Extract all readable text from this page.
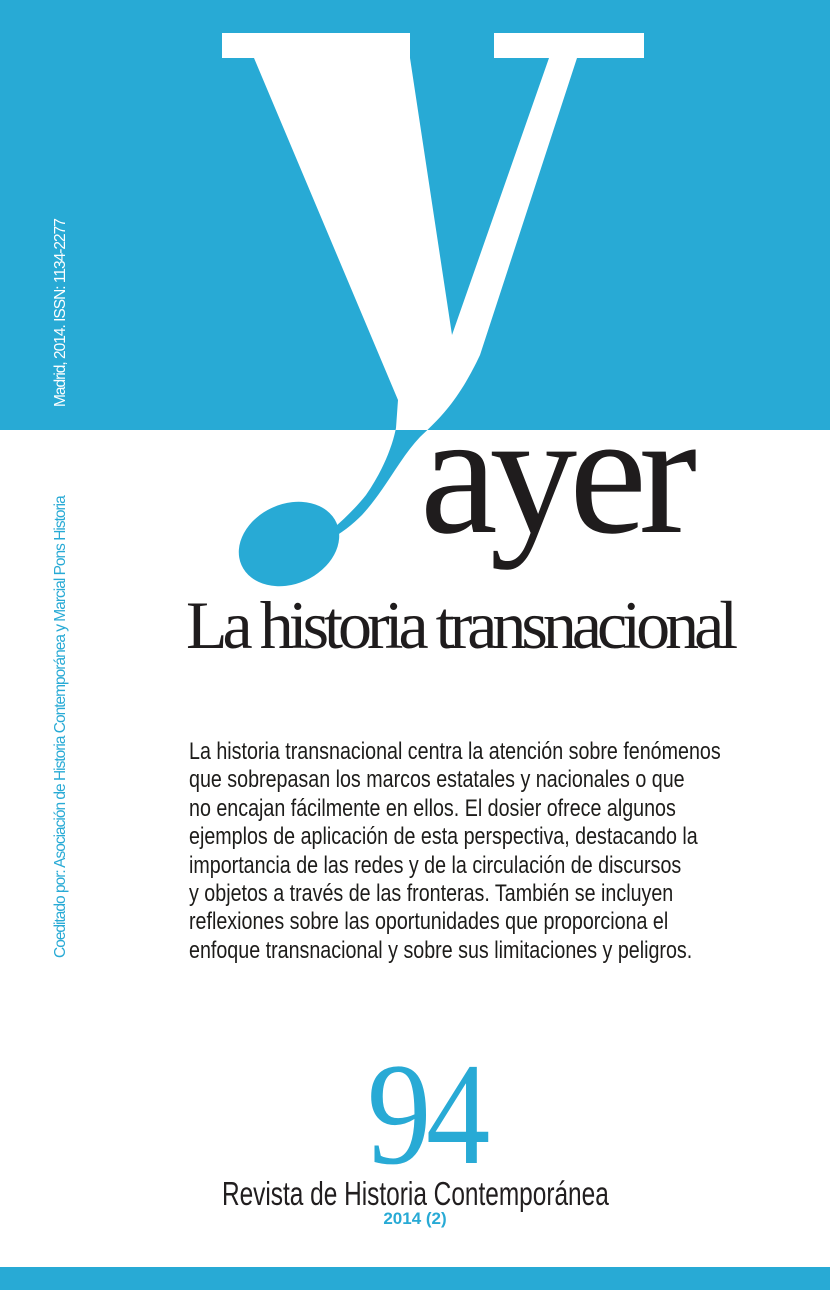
Madrid, 2014. ISSN: 1134-2277
Coeditado por: Asociación de Historia Contemporánea y Marcial Pons Historia
ayer
La historia transnacional
La historia transnacional centra la atención sobre fenómenos
que sobrepasan los marcos estatales y nacionales o que
no encajan fácilmente en ellos. El dosier ofrece algunos
ejemplos de aplicación de esta perspectiva, destacando la
importancia de las redes y de la circulación de discursos
y objetos a través de las fronteras. También se incluyen
reflexiones sobre las oportunidades que proporciona el
enfoque transnacional y sobre sus limitaciones y peligros.
94
Revista de Historia Contemporánea
2014 (2)
